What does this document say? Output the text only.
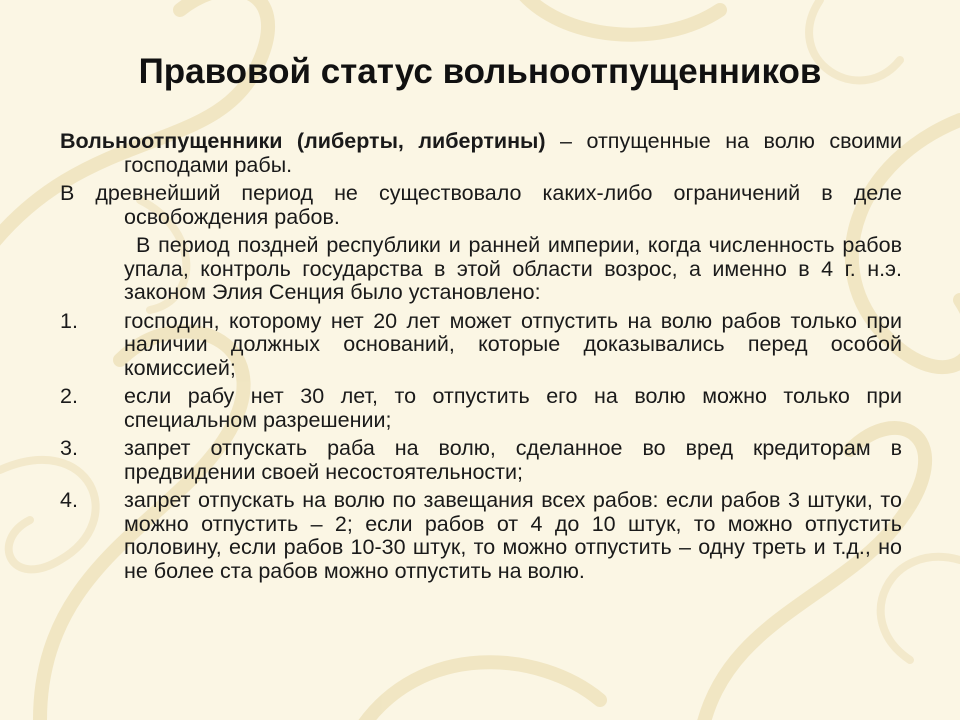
Правовой статус вольноотпущенников

Вольноотпущенники (либерты, либертины) – отпущенные на волю своими господами рабы.

В древнейший период не существовало каких-либо ограничений в деле освобождения рабов.

В период поздней республики и ранней империи, когда численность рабов упала, контроль государства в этой области возрос, а именно в 4 г. н.э. законом Элия Сенция было установлено:

1. господин, которому нет 20 лет может отпустить на волю рабов только при наличии должных оснований, которые доказывались перед особой комиссией;
2. если рабу нет 30 лет, то отпустить его на волю можно только при специальном разрешении;
3. запрет отпускать раба на волю, сделанное во вред кредиторам в предвидении своей несостоятельности;
4. запрет отпускать на волю по завещания всех рабов: если рабов 3 штуки, то можно отпустить – 2; если рабов от 4 до 10 штук, то можно отпустить половину, если рабов 10-30 штук, то можно отпустить – одну треть и т.д., но не более ста рабов можно отпустить на волю.
